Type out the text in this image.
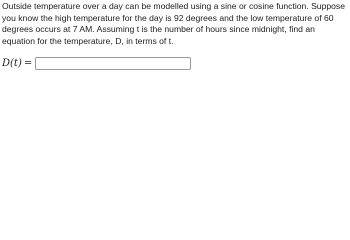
Outside temperature over a day can be modelled using a sine or cosine function. Suppose you know the high temperature for the day is 92 degrees and the low temperature of 60 degrees occurs at 7 AM. Assuming t is the number of hours since midnight, find an equation for the temperature, D, in terms of t.

D(t) =
